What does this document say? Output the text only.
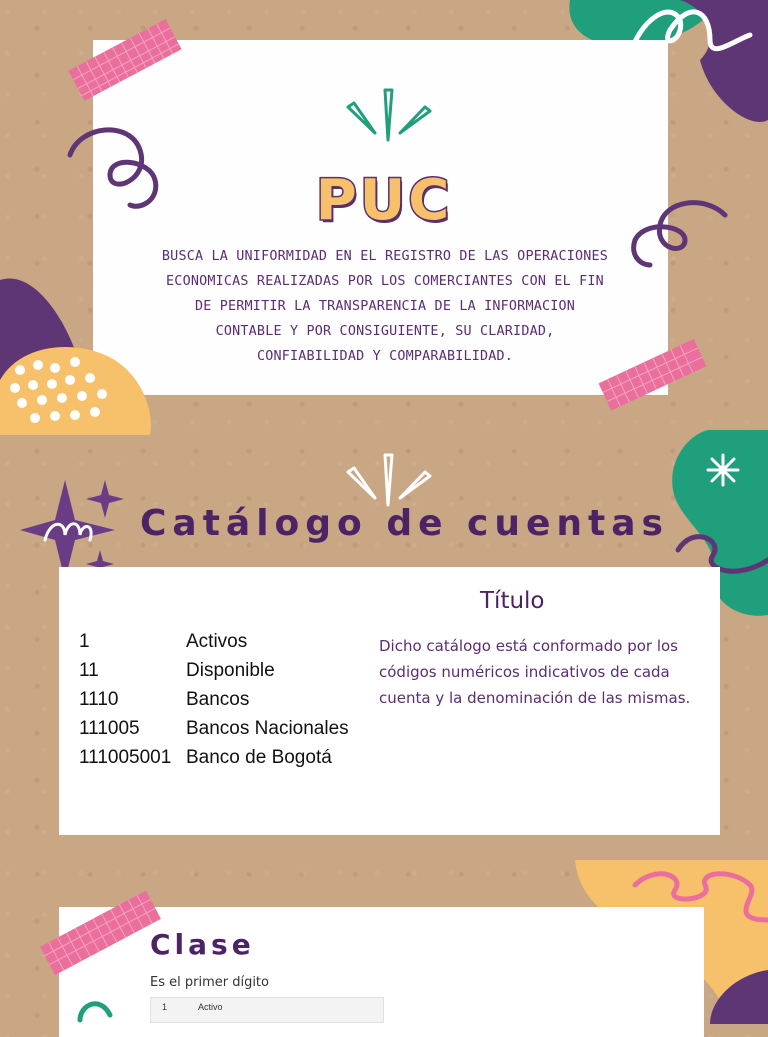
PUC
BUSCA LA UNIFORMIDAD EN EL REGISTRO DE LAS OPERACIONES ECONOMICAS REALIZADAS POR LOS COMERCIANTES CON EL FIN DE PERMITIR LA TRANSPARENCIA DE LA INFORMACION CONTABLE Y POR CONSIGUIENTE, SU CLARIDAD, CONFIABILIDAD Y COMPARABILIDAD.
Catálogo de cuentas
Título
1	Activos
11	Disponible
1110	Bancos
111005 Bancos Nacionales
111005001 Banco de Bogotá
Dicho catálogo está conformado por los códigos numéricos indicativos de cada cuenta y la denominación de las mismas.
Clase
Es el primer dígito
1	Activo
